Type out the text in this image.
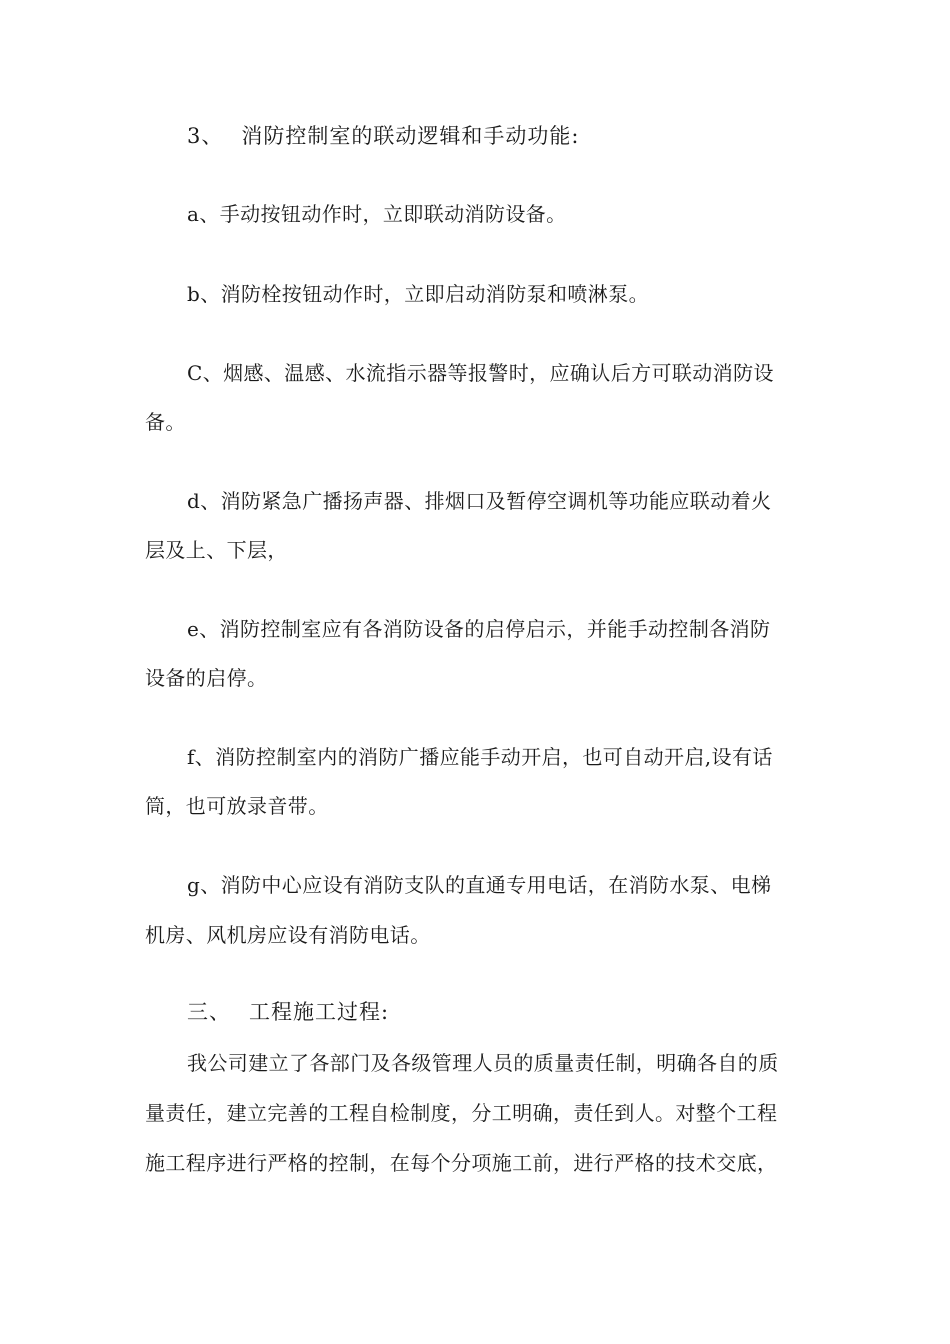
3、 消防控制室的联动逻辑和手动功能:
a、手动按钮动作时，立即联动消防设备。
b、消防栓按钮动作时，立即启动消防泵和喷淋泵。
C、烟感、温感、水流指示器等报警时，应确认后方可联动消防设
备。
d、消防紧急广播扬声器、排烟口及暂停空调机等功能应联动着火
层及上、下层，
e、消防控制室应有各消防设备的启停启示，并能手动控制各消防
设备的启停。
f、消防控制室内的消防广播应能手动开启，也可自动开启,设有话
筒，也可放录音带。
g、消防中心应设有消防支队的直通专用电话，在消防水泵、电梯
机房、风机房应设有消防电话。
三、 工程施工过程:
我公司建立了各部门及各级管理人员的质量责任制，明确各自的质
量责任，建立完善的工程自检制度，分工明确，责任到人。对整个工程
施工程序进行严格的控制，在每个分项施工前，进行严格的技术交底，
